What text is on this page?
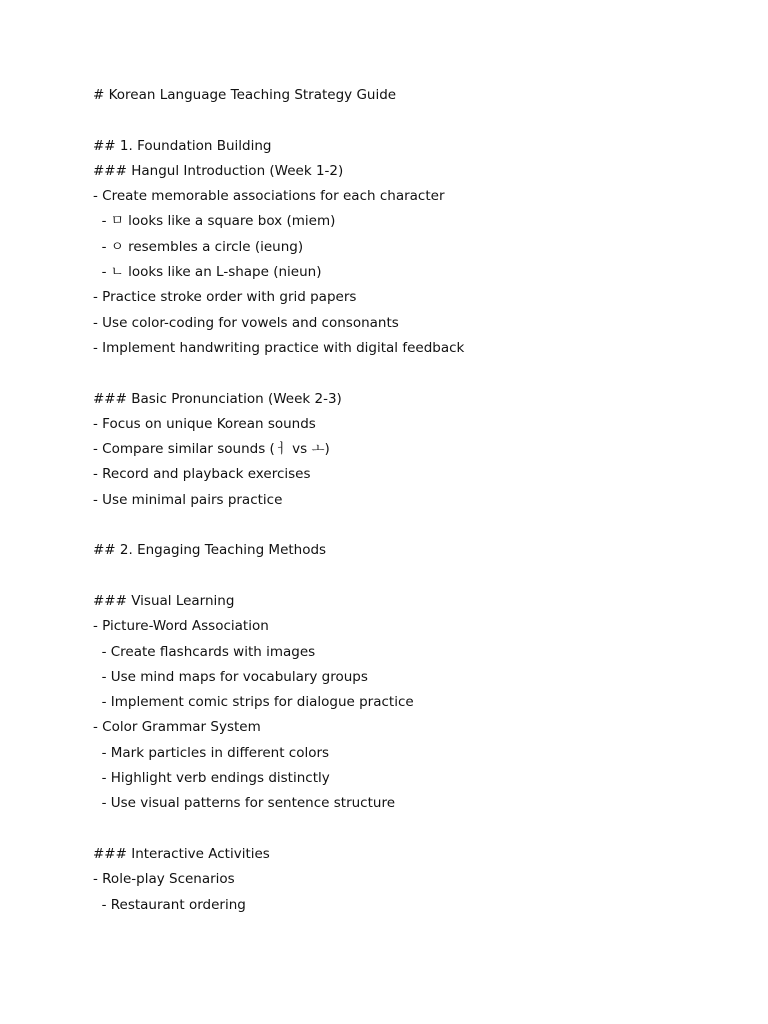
# Korean Language Teaching Strategy Guide
## 1. Foundation Building
### Hangul Introduction (Week 1-2)
- Create memorable associations for each character
- ㅁ looks like a square box (miem)
- ㅇ resembles a circle (ieung)
- ㄴ looks like an L-shape (nieun)
- Practice stroke order with grid papers
- Use color-coding for vowels and consonants
- Implement handwriting practice with digital feedback
### Basic Pronunciation (Week 2-3)
- Focus on unique Korean sounds
- Compare similar sounds (ㅓ vs ㅗ)
- Record and playback exercises
- Use minimal pairs practice
## 2. Engaging Teaching Methods
### Visual Learning
- Picture-Word Association
- Create flashcards with images
- Use mind maps for vocabulary groups
- Implement comic strips for dialogue practice
- Color Grammar System
- Mark particles in different colors
- Highlight verb endings distinctly
- Use visual patterns for sentence structure
### Interactive Activities
- Role-play Scenarios
- Restaurant ordering
